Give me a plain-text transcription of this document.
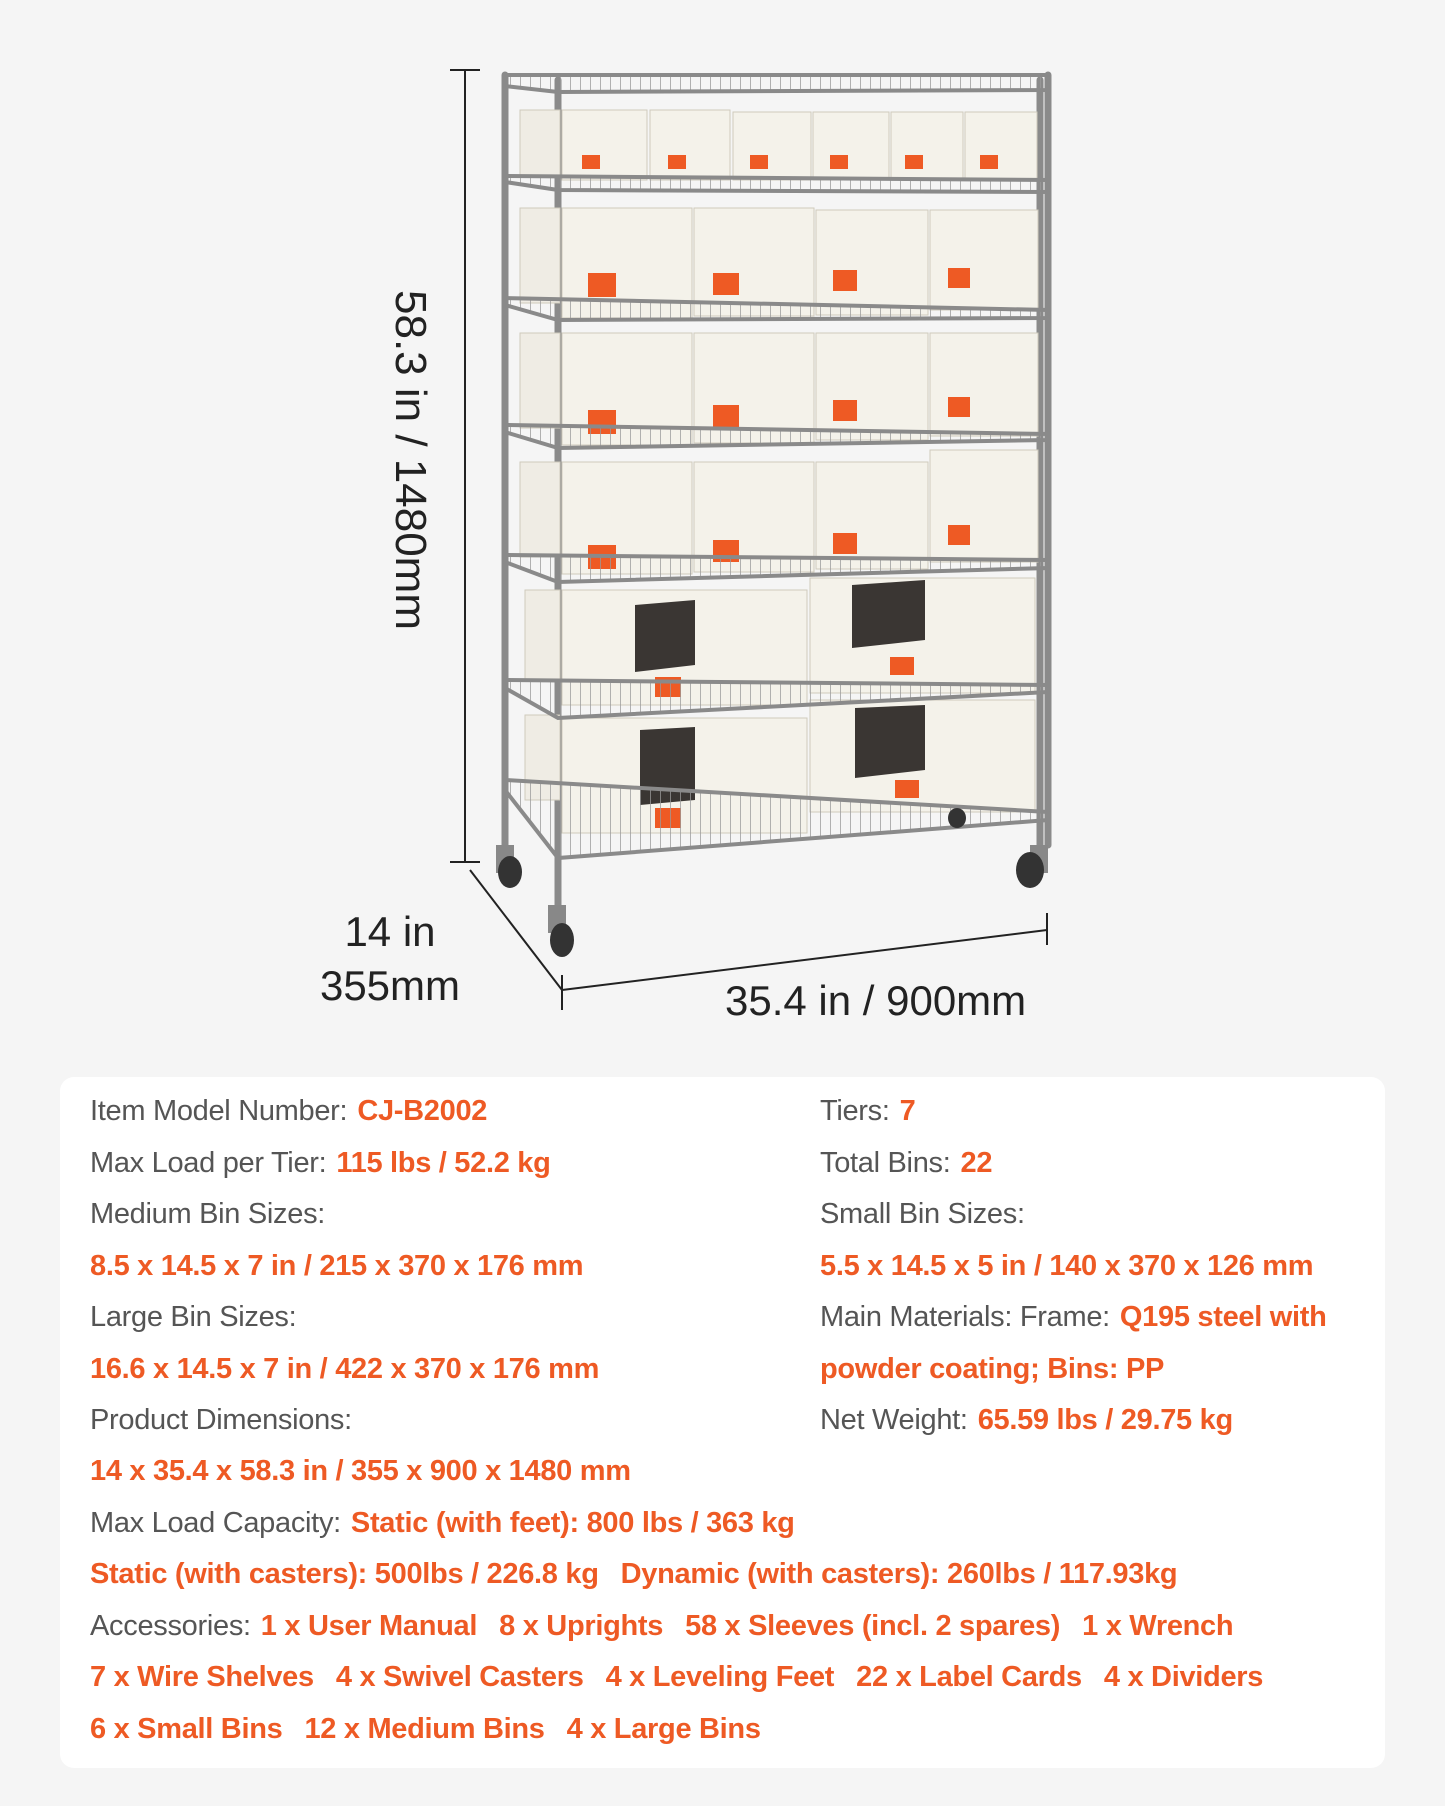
58.3 in / 1480mm
14 in
355mm	35.4 in / 900mm
Item Model Number: CJ-B2002
Max Load per Tier: 115 lbs / 52.2 kg
Medium Bin Sizes:
8.5 x 14.5 x 7 in / 215 x 370 x 176 mm
Large Bin Sizes:
16.6 x 14.5 x 7 in / 422 x 370 x 176 mm
Product Dimensions:
14 x 35.4 x 58.3 in / 355 x 900 x 1480 mm
Tiers: 7
Total Bins: 22
Small Bin Sizes:
5.5 x 14.5 x 5 in / 140 x 370 x 126 mm
Main Materials: Frame: Q195 steel with
powder coating; Bins: PP
Net Weight: 65.59 lbs / 29.75 kg
Max Load Capacity: Static (with feet): 800 lbs / 363 kg
Static (with casters): 500lbs / 226.8 kg Dynamic (with casters): 260lbs / 117.93kg
Accessories: 1 x User Manual 8 x Uprights 58 x Sleeves (incl. 2 spares) 1 x Wrench
7 x Wire Shelves 4 x Swivel Casters 4 x Leveling Feet 22 x Label Cards 4 x Dividers
6 x Small Bins 12 x Medium Bins 4 x Large Bins
